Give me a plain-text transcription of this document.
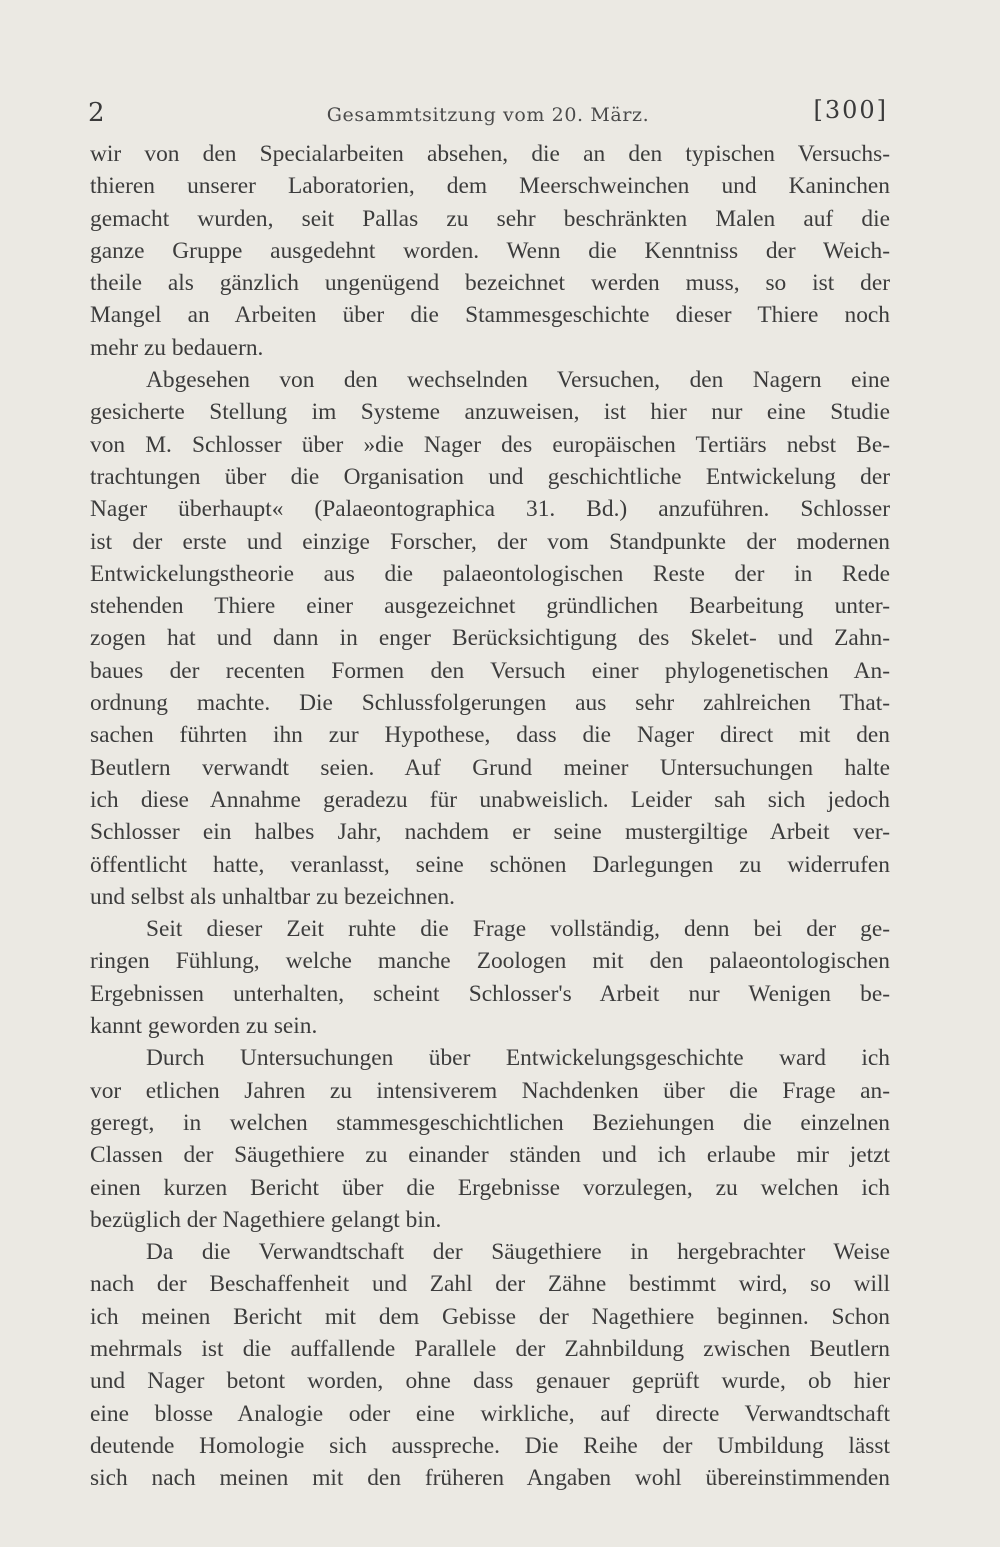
2	Gesammtsitzung vom 20. März.	[300]
wir von den Specialarbeiten absehen, die an den typischen Versuchs-
thieren unserer Laboratorien, dem Meerschweinchen und Kaninchen
gemacht wurden, seit Pallas zu sehr beschränkten Malen auf die
ganze Gruppe ausgedehnt worden. Wenn die Kenntniss der Weich-
theile als gänzlich ungenügend bezeichnet werden muss, so ist der
Mangel an Arbeiten über die Stammesgeschichte dieser Thiere noch
mehr zu bedauern.
Abgesehen von den wechselnden Versuchen, den Nagern eine
gesicherte Stellung im Systeme anzuweisen, ist hier nur eine Studie
von M. Schlosser über »die Nager des europäischen Tertiärs nebst Be-
trachtungen über die Organisation und geschichtliche Entwickelung der
Nager überhaupt« (Palaeontographica 31. Bd.) anzuführen. Schlosser
ist der erste und einzige Forscher, der vom Standpunkte der modernen
Entwickelungstheorie aus die palaeontologischen Reste der in Rede
stehenden Thiere einer ausgezeichnet gründlichen Bearbeitung unter-
zogen hat und dann in enger Berücksichtigung des Skelet- und Zahn-
baues der recenten Formen den Versuch einer phylogenetischen An-
ordnung machte. Die Schlussfolgerungen aus sehr zahlreichen That-
sachen führten ihn zur Hypothese, dass die Nager direct mit den
Beutlern verwandt seien. Auf Grund meiner Untersuchungen halte
ich diese Annahme geradezu für unabweislich. Leider sah sich jedoch
Schlosser ein halbes Jahr, nachdem er seine mustergiltige Arbeit ver-
öffentlicht hatte, veranlasst, seine schönen Darlegungen zu widerrufen
und selbst als unhaltbar zu bezeichnen.
Seit dieser Zeit ruhte die Frage vollständig, denn bei der ge-
ringen Fühlung, welche manche Zoologen mit den palaeontologischen
Ergebnissen unterhalten, scheint Schlosser's Arbeit nur Wenigen be-
kannt geworden zu sein.
Durch Untersuchungen über Entwickelungsgeschichte ward ich
vor etlichen Jahren zu intensiverem Nachdenken über die Frage an-
geregt, in welchen stammesgeschichtlichen Beziehungen die einzelnen
Classen der Säugethiere zu einander ständen und ich erlaube mir jetzt
einen kurzen Bericht über die Ergebnisse vorzulegen, zu welchen ich
bezüglich der Nagethiere gelangt bin.
Da die Verwandtschaft der Säugethiere in hergebrachter Weise
nach der Beschaffenheit und Zahl der Zähne bestimmt wird, so will
ich meinen Bericht mit dem Gebisse der Nagethiere beginnen. Schon
mehrmals ist die auffallende Parallele der Zahnbildung zwischen Beutlern
und Nager betont worden, ohne dass genauer geprüft wurde, ob hier
eine blosse Analogie oder eine wirkliche, auf directe Verwandtschaft
deutende Homologie sich ausspreche. Die Reihe der Umbildung lässt
sich nach meinen mit den früheren Angaben wohl übereinstimmenden
